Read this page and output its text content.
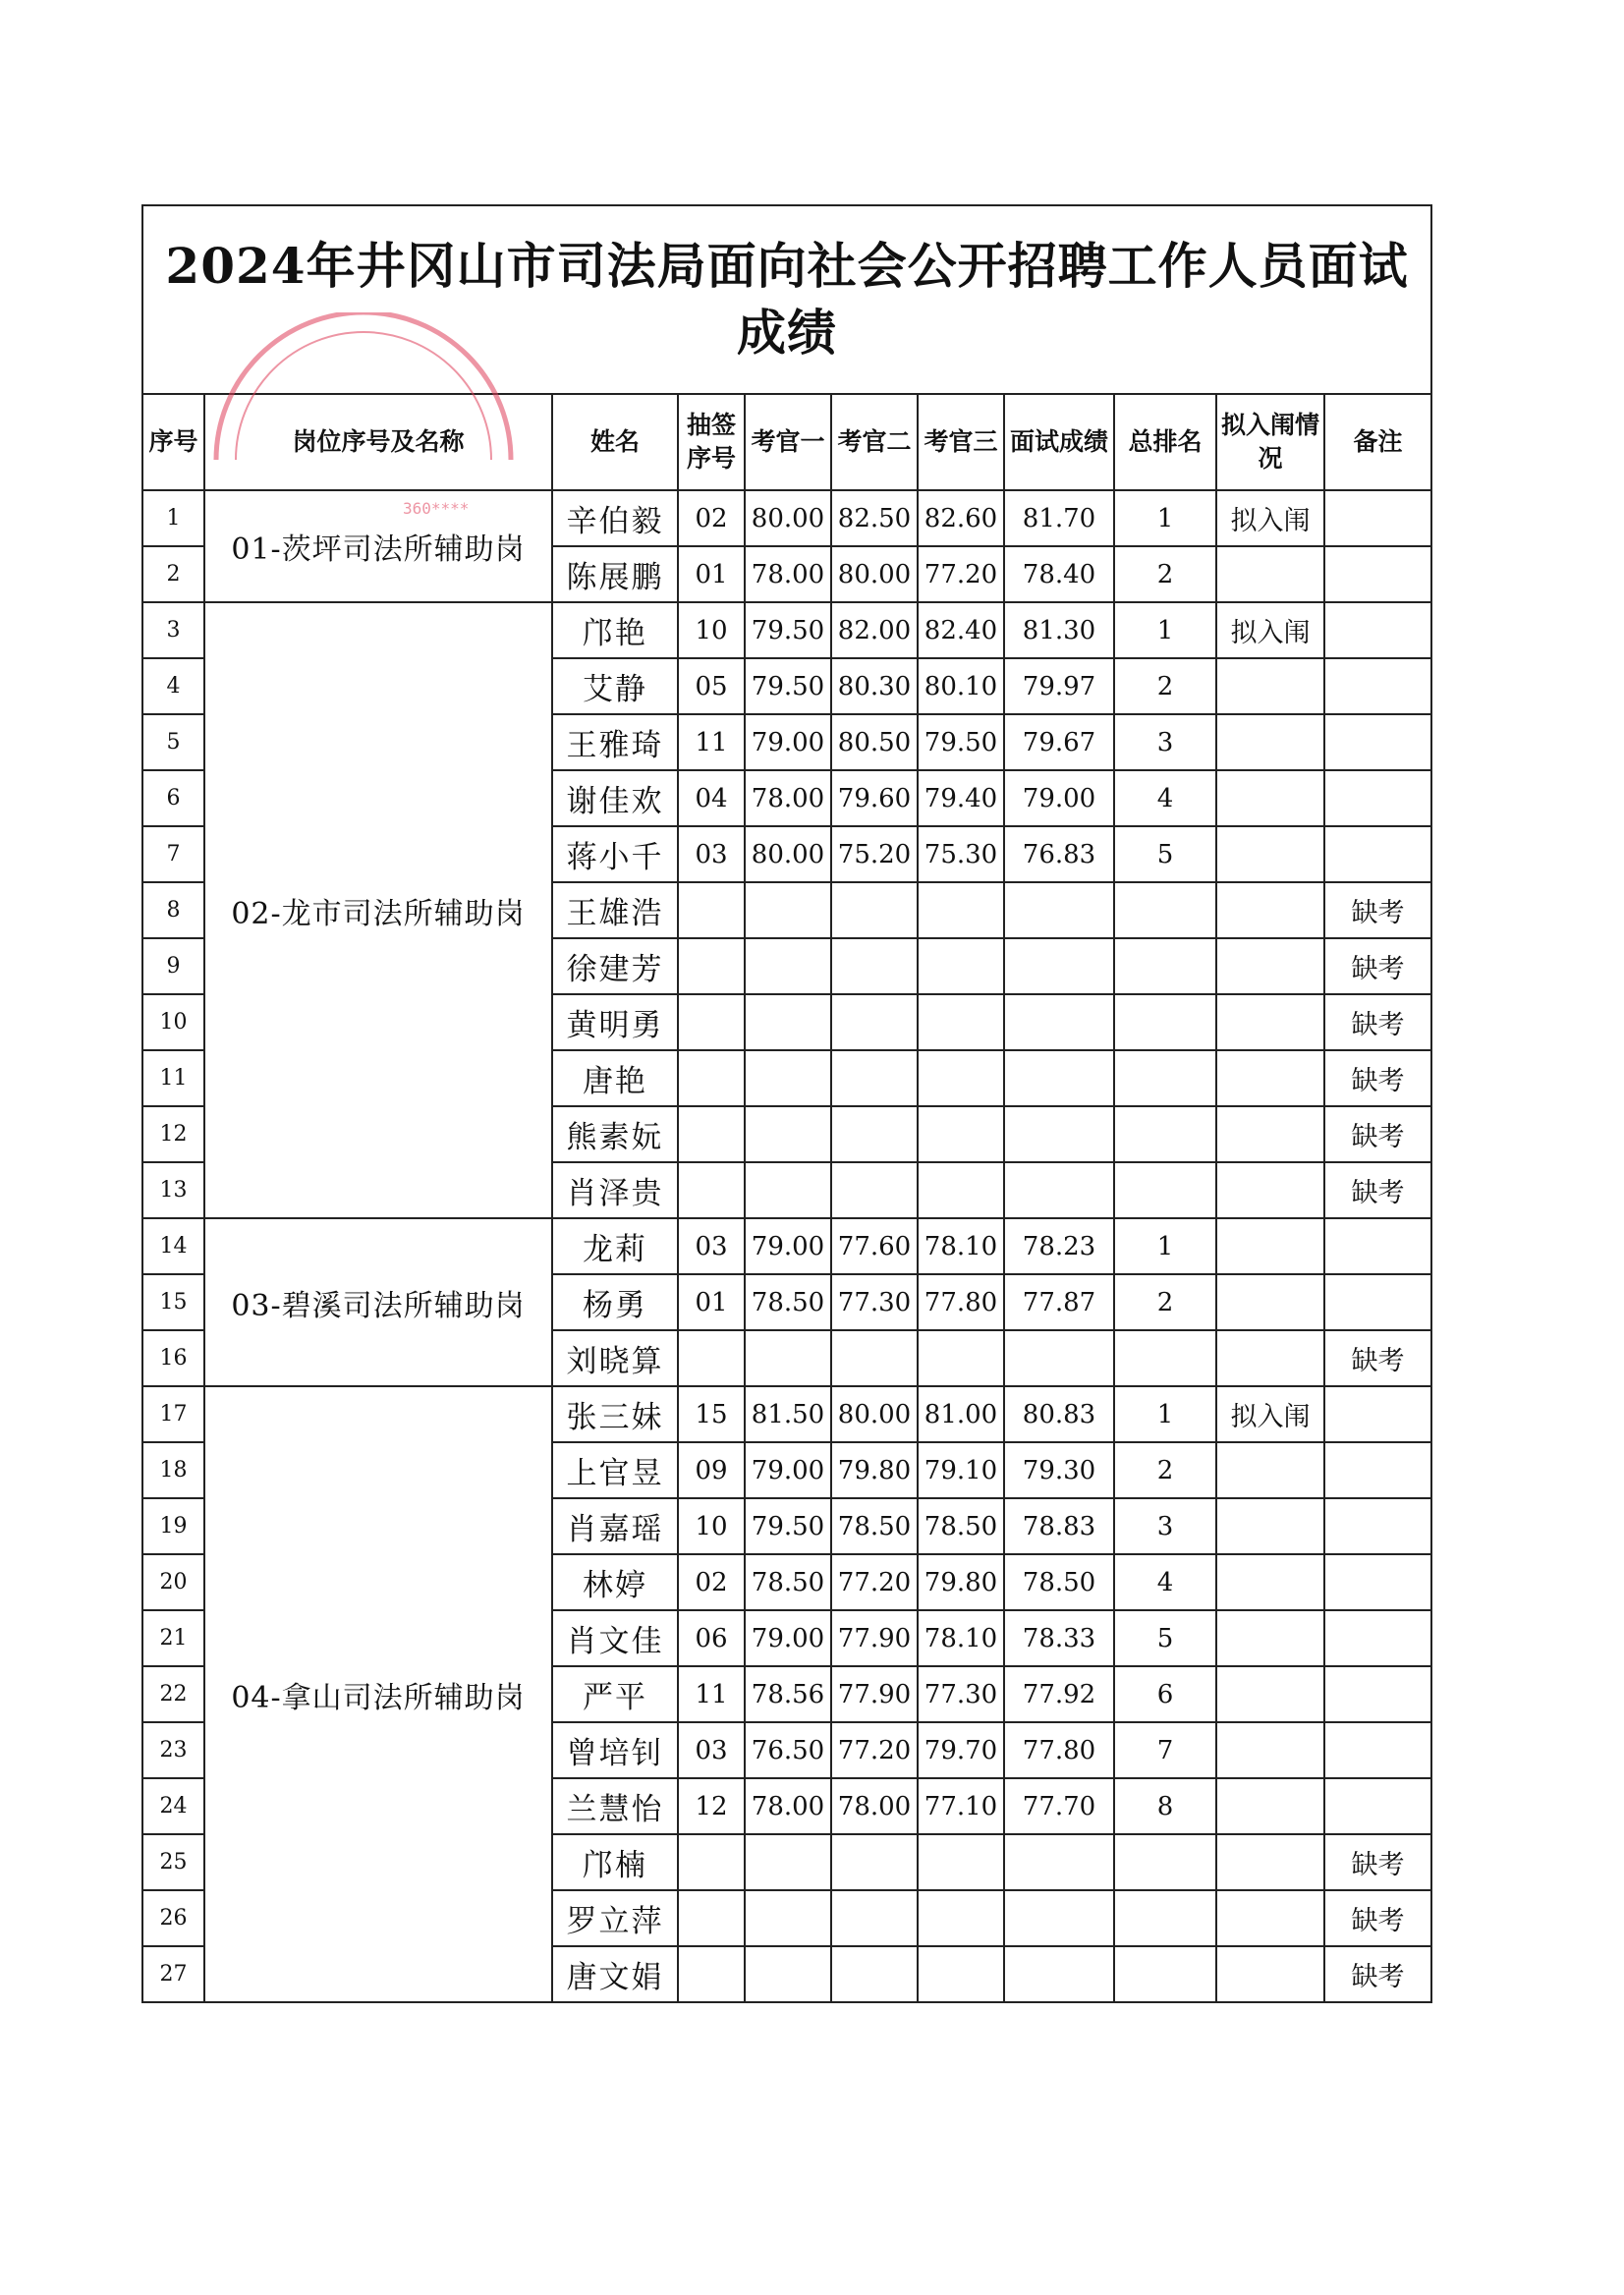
2024年井冈山市司法局面向社会公开招聘工作人员面试成绩
序号	岗位序号及名称	姓名	抽签序号	考官一	考官二	考官三	面试成绩	总排名	拟入闱情况	备注
1	01-茨坪司法所辅助岗	辛伯毅	02	80.00	82.50	82.60	81.70	1	拟入闱	
2		陈展鹏	01	78.00	80.00	77.20	78.40	2		
3	02-龙市司法所辅助岗	邝艳	10	79.50	82.00	82.40	81.30	1	拟入闱	
4		艾静	05	79.50	80.30	80.10	79.97	2		
5		王雅琦	11	79.00	80.50	79.50	79.67	3		
6		谢佳欢	04	78.00	79.60	79.40	79.00	4		
7		蒋小千	03	80.00	75.20	75.30	76.83	5		
8		王雄浩								缺考
9		徐建芳								缺考
10		黄明勇								缺考
11		唐艳								缺考
12		熊素妧								缺考
13		肖泽贵								缺考
14	03-碧溪司法所辅助岗	龙莉	03	79.00	77.60	78.10	78.23	1		
15		杨勇	01	78.50	77.30	77.80	77.87	2		
16		刘晓算								缺考
17	04-拿山司法所辅助岗	张三妹	15	81.50	80.00	81.00	80.83	1	拟入闱	
18		上官昱	09	79.00	79.80	79.10	79.30	2		
19		肖嘉瑶	10	79.50	78.50	78.50	78.83	3		
20		林婷	02	78.50	77.20	79.80	78.50	4		
21		肖文佳	06	79.00	77.90	78.10	78.33	5		
22		严平	11	78.56	77.90	77.30	77.92	6		
23		曾培钊	03	76.50	77.20	79.70	77.80	7		
24		兰慧怡	12	78.00	78.00	77.10	77.70	8		
25		邝楠								缺考
26		罗立萍								缺考
27		唐文娟								缺考
360****
